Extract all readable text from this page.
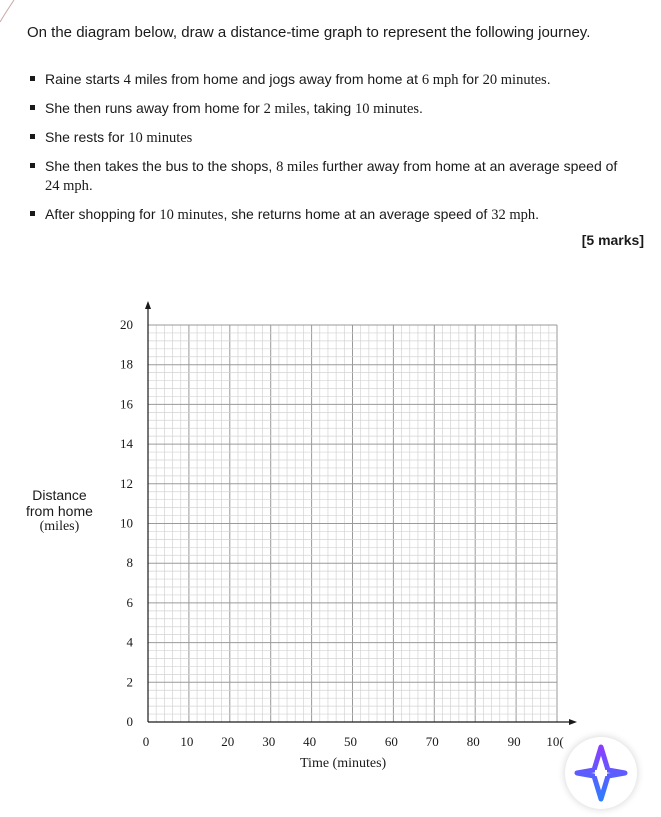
On the diagram below, draw a distance-time graph to represent the following journey.
Raine starts 4 miles from home and jogs away from home at 6 mph for 20 minutes.
She then runs away from home for 2 miles, taking 10 minutes.
She rests for 10 minutes
She then takes the bus to the shops, 8 miles further away from home at an average speed of 24 mph.
After shopping for 10 minutes, she returns home at an average speed of 32 mph.
[5 marks]
0
2
4
6
8
10
12
14
16
18
20
0 10 20 30 40 50 60 70 80 90 10(
Distance
from home
(miles)
Time (minutes)
